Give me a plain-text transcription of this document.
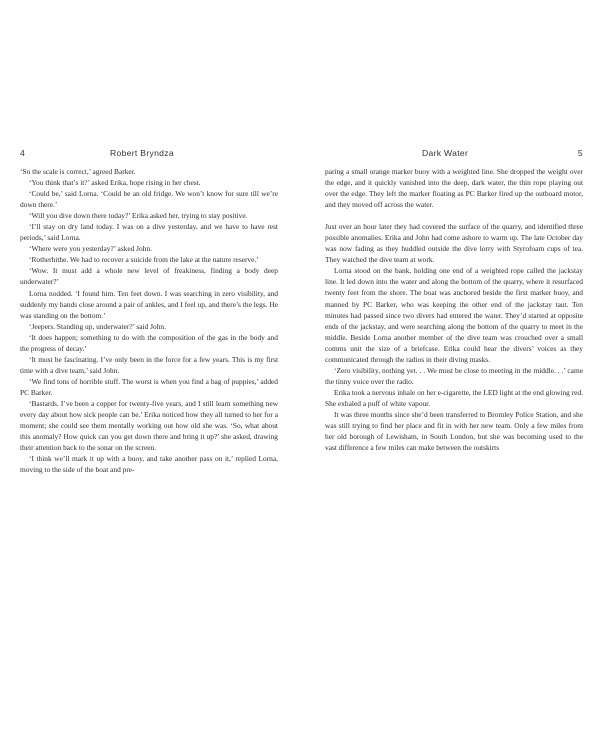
4	Robert Bryndza

‘So the scale is correct,’ agreed Barker.

‘You think that’s it?’ asked Erika, hope rising in her chest.

‘Could be,’ said Lorna. ‘Could be an old fridge. We won’t know for sure till we’re down there.’

‘Will you dive down there today?’ Erika asked her, trying to stay positive.

‘I’ll stay on dry land today. I was on a dive yesterday, and we have to have rest periods,’ said Lorna.

‘Where were you yesterday?’ asked John.

‘Rotherhithe. We had to recover a suicide from the lake at the nature reserve.’

‘Wow. It must add a whole new level of freakiness, finding a body deep underwater?’

Lorna nodded. ‘I found him. Ten feet down. I was searching in zero visibility, and suddenly my hands close around a pair of ankles, and I feel up, and there’s the legs. He was standing on the bottom.’

‘Jeepers. Standing up, underwater?’ said John.

‘It does happen; something to do with the composition of the gas in the body and the progress of decay.’

‘It must be fascinating. I’ve only been in the force for a few years. This is my first time with a dive team,’ said John.

‘We find tons of horrible stuff. The worst is when you find a bag of puppies,’ added PC Barker.

‘Bastards. I’ve been a copper for twenty-five years, and I still learn something new every day about how sick people can be.’ Erika noticed how they all turned to her for a moment; she could see them mentally working out how old she was. ‘So, what about this anomaly? How quick can you get down there and bring it up?’ she asked, drawing their attention back to the sonar on the screen.

‘I think we’ll mark it up with a buoy, and take another pass on it,’ replied Lorna, moving to the side of the boat and pre-

Dark Water	5

paring a small orange marker buoy with a weighted line. She dropped the weight over the edge, and it quickly vanished into the deep, dark water, the thin rope playing out over the edge. They left the marker floating as PC Barker fired up the outboard motor, and they moved off across the water.

Just over an hour later they had covered the surface of the quarry, and identified three possible anomalies. Erika and John had come ashore to warm up. The late October day was now fading as they huddled outside the dive lorry with Styrofoam cups of tea. They watched the dive team at work.

Lorna stood on the bank, holding one end of a weighted rope called the jackstay line. It led down into the water and along the bottom of the quarry, where it resurfaced twenty feet from the shore. The boat was anchored beside the first marker buoy, and manned by PC Barker, who was keeping the other end of the jackstay taut. Ten minutes had passed since two divers had entered the water. They’d started at opposite ends of the jackstay, and were searching along the bottom of the quarry to meet in the middle. Beside Lorna another member of the dive team was crouched over a small comms unit the size of a briefcase. Erika could hear the divers’ voices as they communicated through the radios in their diving masks.

‘Zero visibility, nothing yet. . . We must be close to meeting in the middle. . .’ came the tinny voice over the radio.

Erika took a nervous inhale on her e-cigarette, the LED light at the end glowing red. She exhaled a puff of white vapour.

It was three months since she’d been transferred to Bromley Police Station, and she was still trying to find her place and fit in with her new team. Only a few miles from her old borough of Lewisham, in South London, but she was becoming used to the vast difference a few miles can make between the outskirts
